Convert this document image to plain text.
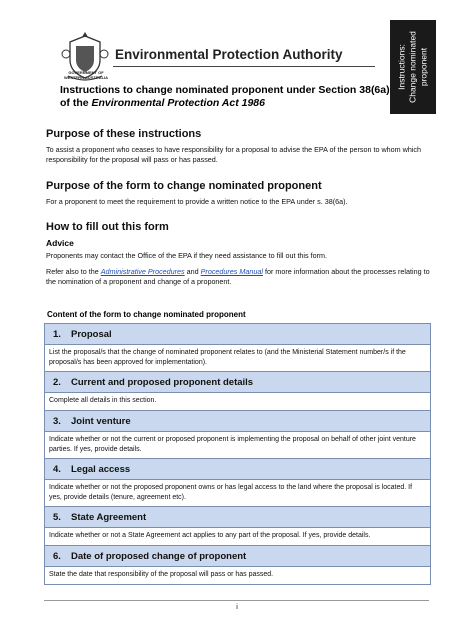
GOVERNMENT OF
WESTERN AUSTRALIA
Environmental Protection Authority	Instructions: Change nominated proponent
Instructions to change nominated proponent under Section 38(6a) of the Environmental Protection Act 1986
Purpose of these instructions

To assist a proponent who ceases to have responsibility for a proposal to advise the EPA of the person to whom which responsibility for the proposal will pass or has passed.

Purpose of the form to change nominated proponent

For a proponent to meet the requirement to provide a written notice to the EPA under s. 38(6a).

How to fill out this form
Advice

Proponents may contact the Office of the EPA if they need assistance to fill out this form.

Refer also to the Administrative Procedures and Procedures Manual for more information about the processes relating to the nomination of a proponent and change of a proponent.

Content of the form to change nominated proponent
1.	Proposal
List the proposal/s that the change of nominated proponent relates to (and the Ministerial Statement number/s if the proposal/s has been approved for implementation).
2.	Current and proposed proponent details
Complete all details in this section.
3.	Joint venture
Indicate whether or not the current or proposed proponent is implementing the proposal on behalf of other joint venture parties. If yes, provide details.
4.	Legal access
Indicate whether or not the proposed proponent owns or has legal access to the land where the proposal is located. If yes, provide details (tenure, agreement etc).
5.	State Agreement
Indicate whether or not a State Agreement act applies to any part of the proposal. If yes, provide details.
6.	Date of proposed change of proponent
State the date that responsibility of the proposal will pass or has passed.
i
